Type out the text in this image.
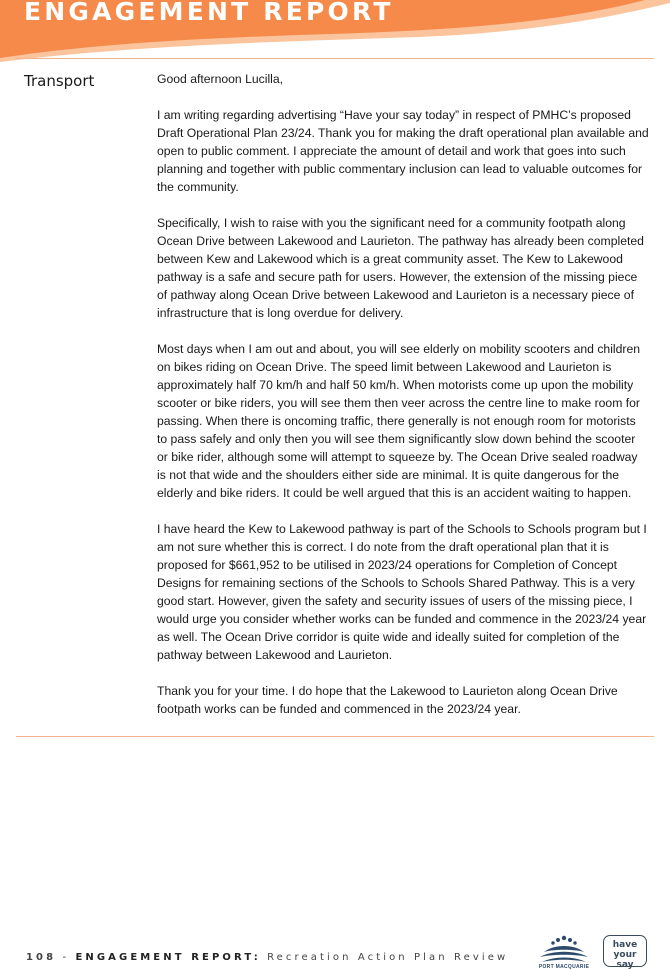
ENGAGEMENT REPORT
Transport	Good afternoon Lucilla,

I am writing regarding advertising “Have your say today” in respect of PMHC’s proposed Draft Operational Plan 23/24. Thank you for making the draft operational plan available and open to public comment. I appreciate the amount of detail and work that goes into such planning and together with public commentary inclusion can lead to valuable outcomes for the community.

Specifically, I wish to raise with you the significant need for a community footpath along Ocean Drive between Lakewood and Laurieton. The pathway has already been completed between Kew and Lakewood which is a great community asset. The Kew to Lakewood pathway is a safe and secure path for users. However, the extension of the missing piece of pathway along Ocean Drive between Lakewood and Laurieton is a necessary piece of infrastructure that is long overdue for delivery.

Most days when I am out and about, you will see elderly on mobility scooters and children on bikes riding on Ocean Drive. The speed limit between Lakewood and Laurieton is approximately half 70 km/h and half 50 km/h. When motorists come up upon the mobility scooter or bike riders, you will see them then veer across the centre line to make room for passing. When there is oncoming traffic, there generally is not enough room for motorists to pass safely and only then you will see them significantly slow down behind the scooter or bike rider, although some will attempt to squeeze by. The Ocean Drive sealed roadway is not that wide and the shoulders either side are minimal. It is quite dangerous for the elderly and bike riders. It could be well argued that this is an accident waiting to happen.

I have heard the Kew to Lakewood pathway is part of the Schools to Schools program but I am not sure whether this is correct. I do note from the draft operational plan that it is proposed for $661,952 to be utilised in 2023/24 operations for Completion of Concept Designs for remaining sections of the Schools to Schools Shared Pathway. This is a very good start. However, given the safety and security issues of users of the missing piece, I would urge you consider whether works can be funded and commence in the 2023/24 year as well. The Ocean Drive corridor is quite wide and ideally suited for completion of the pathway between Lakewood and Laurieton.

Thank you for your time. I do hope that the Lakewood to Laurieton along Ocean Drive footpath works can be funded and commenced in the 2023/24 year.

108 - ENGAGEMENT REPORT: Recreation Action Plan Review
PORT MACQUARIE
have
your say
